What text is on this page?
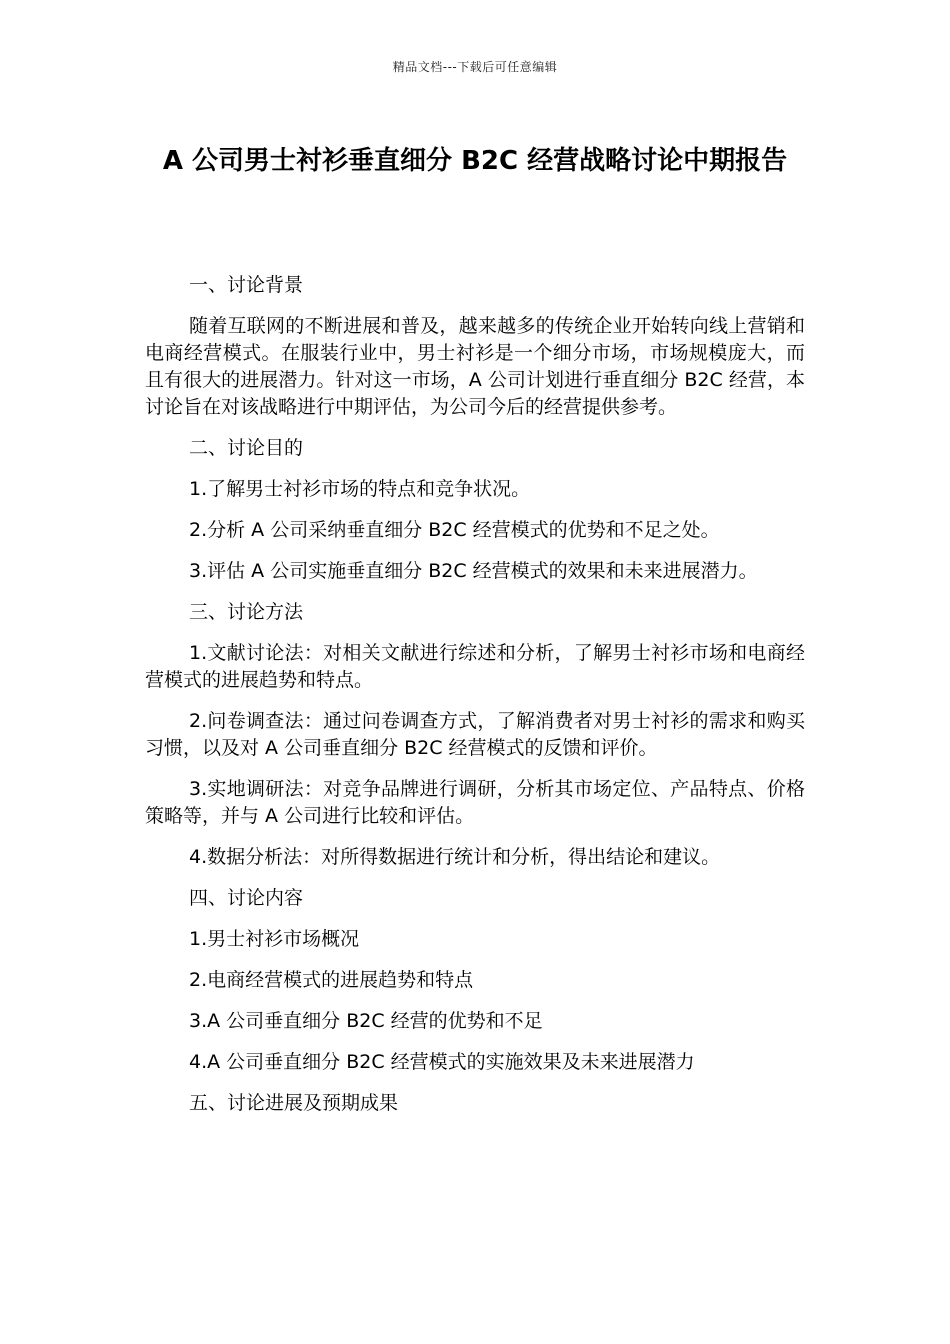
精品文档---下载后可任意编辑
A 公司男士衬衫垂直细分 B2C 经营战略讨论中期报告

一、讨论背景

随着互联网的不断进展和普及，越来越多的传统企业开始转向线上营销和电商经营模式。在服装行业中，男士衬衫是一个细分市场，市场规模庞大，而且有很大的进展潜力。针对这一市场，A 公司计划进行垂直细分 B2C 经营，本讨论旨在对该战略进行中期评估，为公司今后的经营提供参考。

二、讨论目的

1.了解男士衬衫市场的特点和竞争状况。

2.分析 A 公司采纳垂直细分 B2C 经营模式的优势和不足之处。

3.评估 A 公司实施垂直细分 B2C 经营模式的效果和未来进展潜力。

三、讨论方法

1.文献讨论法：对相关文献进行综述和分析，了解男士衬衫市场和电商经营模式的进展趋势和特点。

2.问卷调查法：通过问卷调查方式，了解消费者对男士衬衫的需求和购买习惯，以及对 A 公司垂直细分 B2C 经营模式的反馈和评价。

3.实地调研法：对竞争品牌进行调研，分析其市场定位、产品特点、价格策略等，并与 A 公司进行比较和评估。

4.数据分析法：对所得数据进行统计和分析，得出结论和建议。

四、讨论内容

1.男士衬衫市场概况

2.电商经营模式的进展趋势和特点

3.A 公司垂直细分 B2C 经营的优势和不足

4.A 公司垂直细分 B2C 经营模式的实施效果及未来进展潜力

五、讨论进展及预期成果
